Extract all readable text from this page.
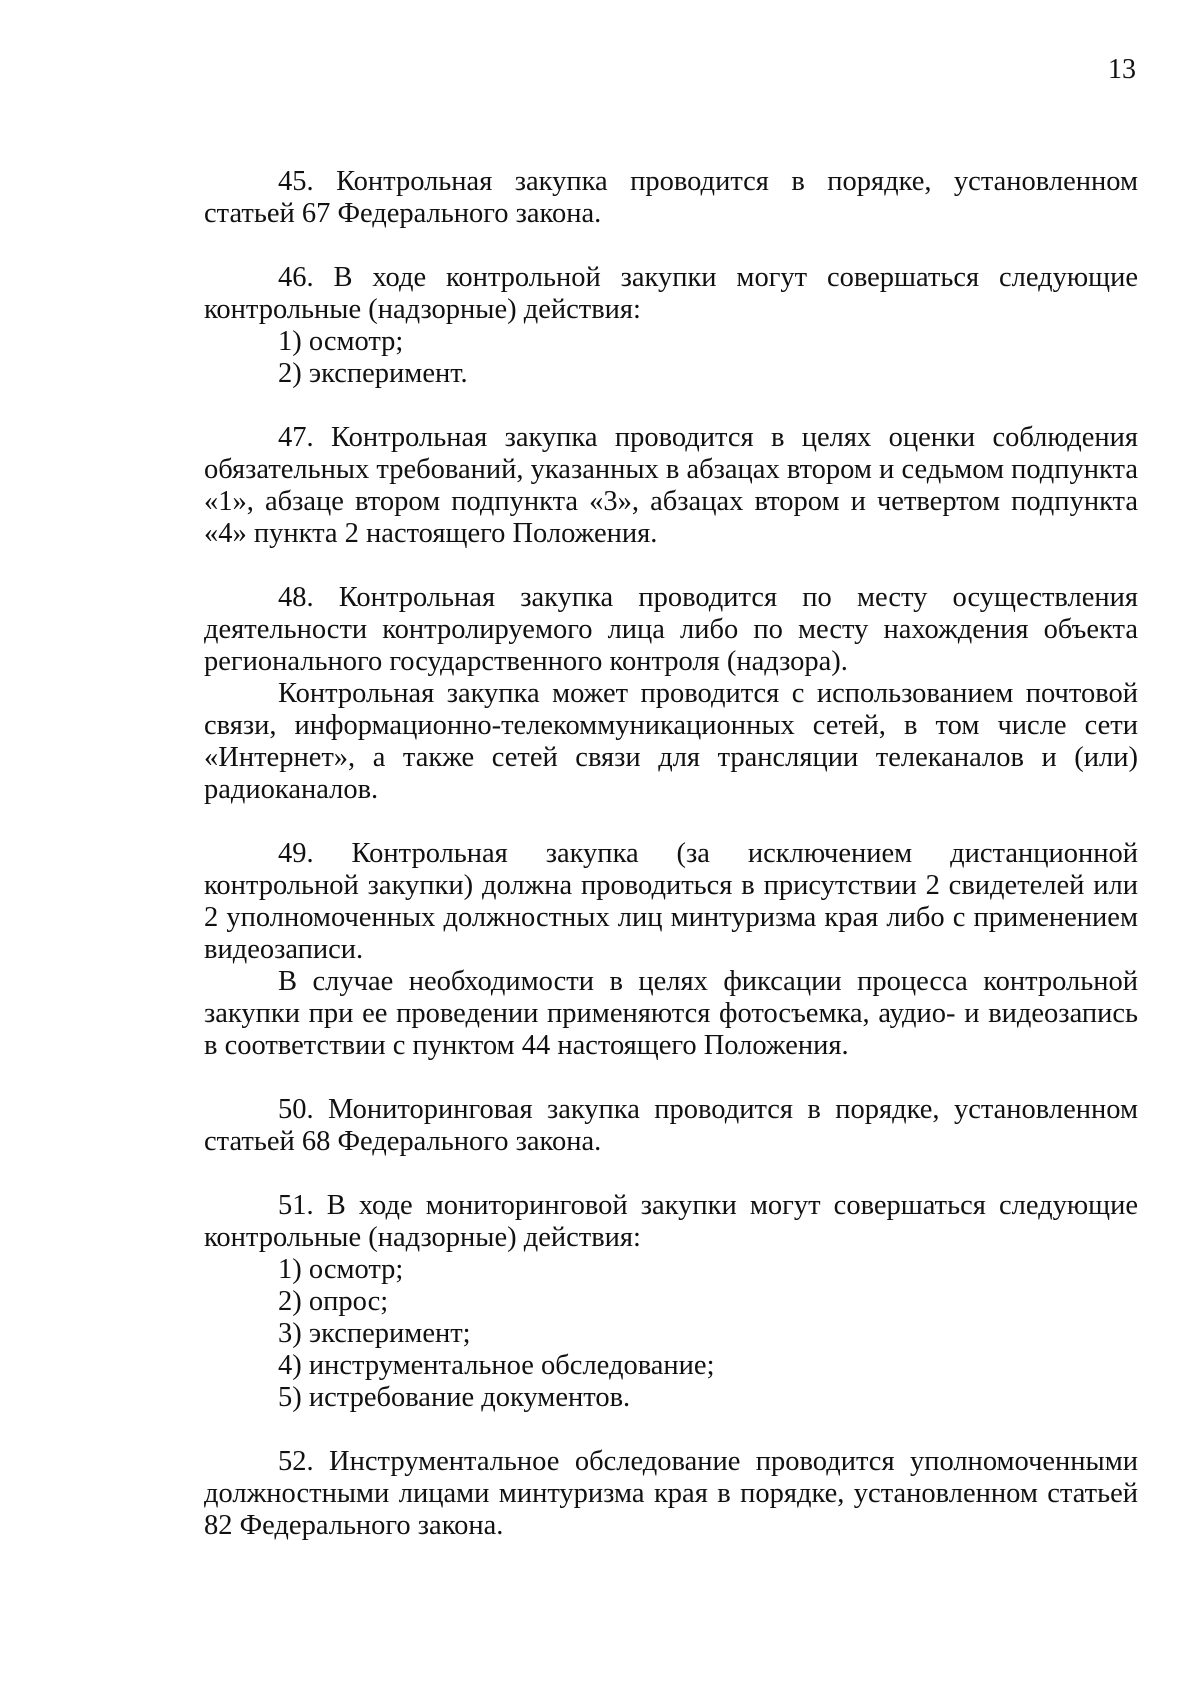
13

45. Контрольная закупка проводится в порядке, установленном статьей 67 Федерального закона.

46. В ходе контрольной закупки могут совершаться следующие контрольные (надзорные) действия:

1) осмотр;

2) эксперимент.

47. Контрольная закупка проводится в целях оценки соблюдения обязательных требований, указанных в абзацах втором и седьмом подпункта «1», абзаце втором подпункта «3», абзацах втором и четвертом подпункта «4» пункта 2 настоящего Положения.

48. Контрольная закупка проводится по месту осуществления деятельности контролируемого лица либо по месту нахождения объекта регионального государственного контроля (надзора).

Контрольная закупка может проводится с использованием почтовой связи, информационно-телекоммуникационных сетей, в том числе сети «Интернет», а также сетей связи для трансляции телеканалов и (или) радиоканалов.

49. Контрольная закупка (за исключением дистанционной контрольной закупки) должна проводиться в присутствии 2 свидетелей или 2 уполномоченных должностных лиц минтуризма края либо с применением видеозаписи.

В случае необходимости в целях фиксации процесса контрольной закупки при ее проведении применяются фотосъемка, аудио- и видеозапись в соответствии с пунктом 44 настоящего Положения.

50. Мониторинговая закупка проводится в порядке, установленном статьей 68 Федерального закона.

51. В ходе мониторинговой закупки могут совершаться следующие контрольные (надзорные) действия:

1) осмотр;

2) опрос;

3) эксперимент;

4) инструментальное обследование;

5) истребование документов.

52. Инструментальное обследование проводится уполномоченными должностными лицами минтуризма края в порядке, установленном статьей 82 Федерального закона.
